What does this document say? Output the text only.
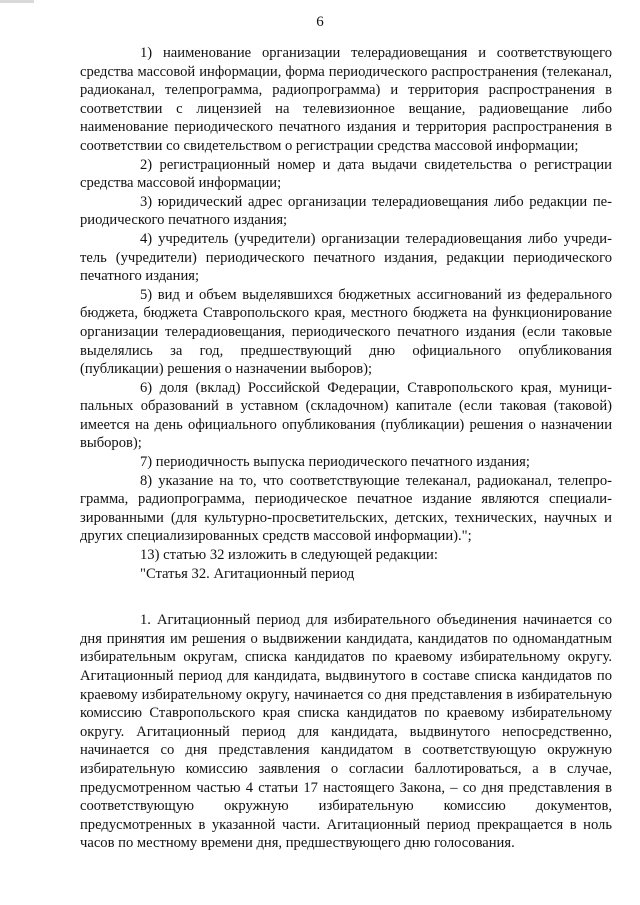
6

1) наименование организации телерадиовещания и соответствующего средства массовой информации, форма периодического распространения (телеканал, радиоканал, телепрограмма, радиопрограмма) и территория распространения в соответствии с лицензией на телевизионное вещание, радиовещание либо наименование периодического печатного издания и территория распространения в соответствии со свидетельством о регистрации средства массовой информации;

2) регистрационный номер и дата выдачи свидетельства о регистрации средства массовой информации;

3) юридический адрес организации телерадиовещания либо редакции периодического печатного издания;

4) учредитель (учредители) организации телерадиовещания либо учредитель (учредители) периодического печатного издания, редакции периодического печатного издания;

5) вид и объем выделявшихся бюджетных ассигнований из федерального бюджета, бюджета Ставропольского края, местного бюджета на функционирование организации телерадиовещания, периодического печатного издания (если таковые выделялись за год, предшествующий дню официального опубликования (публикации) решения о назначении выборов);

6) доля (вклад) Российской Федерации, Ставропольского края, муниципальных образований в уставном (складочном) капитале (если таковая (таковой) имеется на день официального опубликования (публикации) решения о назначении выборов);

7) периодичность выпуска периодического печатного издания;

8) указание на то, что соответствующие телеканал, радиоканал, телепрограмма, радиопрограмма, периодическое печатное издание являются специализированными (для культурно-просветительских, детских, технических, научных и других специализированных средств массовой информации).";

13) статью 32 изложить в следующей редакции:

"Статья 32. Агитационный период

1. Агитационный период для избирательного объединения начинается со дня принятия им решения о выдвижении кандидата, кандидатов по одномандатным избирательным округам, списка кандидатов по краевому избирательному округу. Агитационный период для кандидата, выдвинутого в составе списка кандидатов по краевому избирательному округу, начинается со дня представления в избирательную комиссию Ставропольского края списка кандидатов по краевому избирательному округу. Агитационный период для кандидата, выдвинутого непосредственно, начинается со дня представления кандидатом в соответствующую окружную избирательную комиссию заявления о согласии баллотироваться, а в случае, предусмотренном частью 4 статьи 17 настоящего Закона, – со дня представления в соответствующую окружную избирательную комиссию документов, предусмотренных в указанной части. Агитационный период прекращается в ноль часов по местному времени дня, предшествующего дню голосования.
